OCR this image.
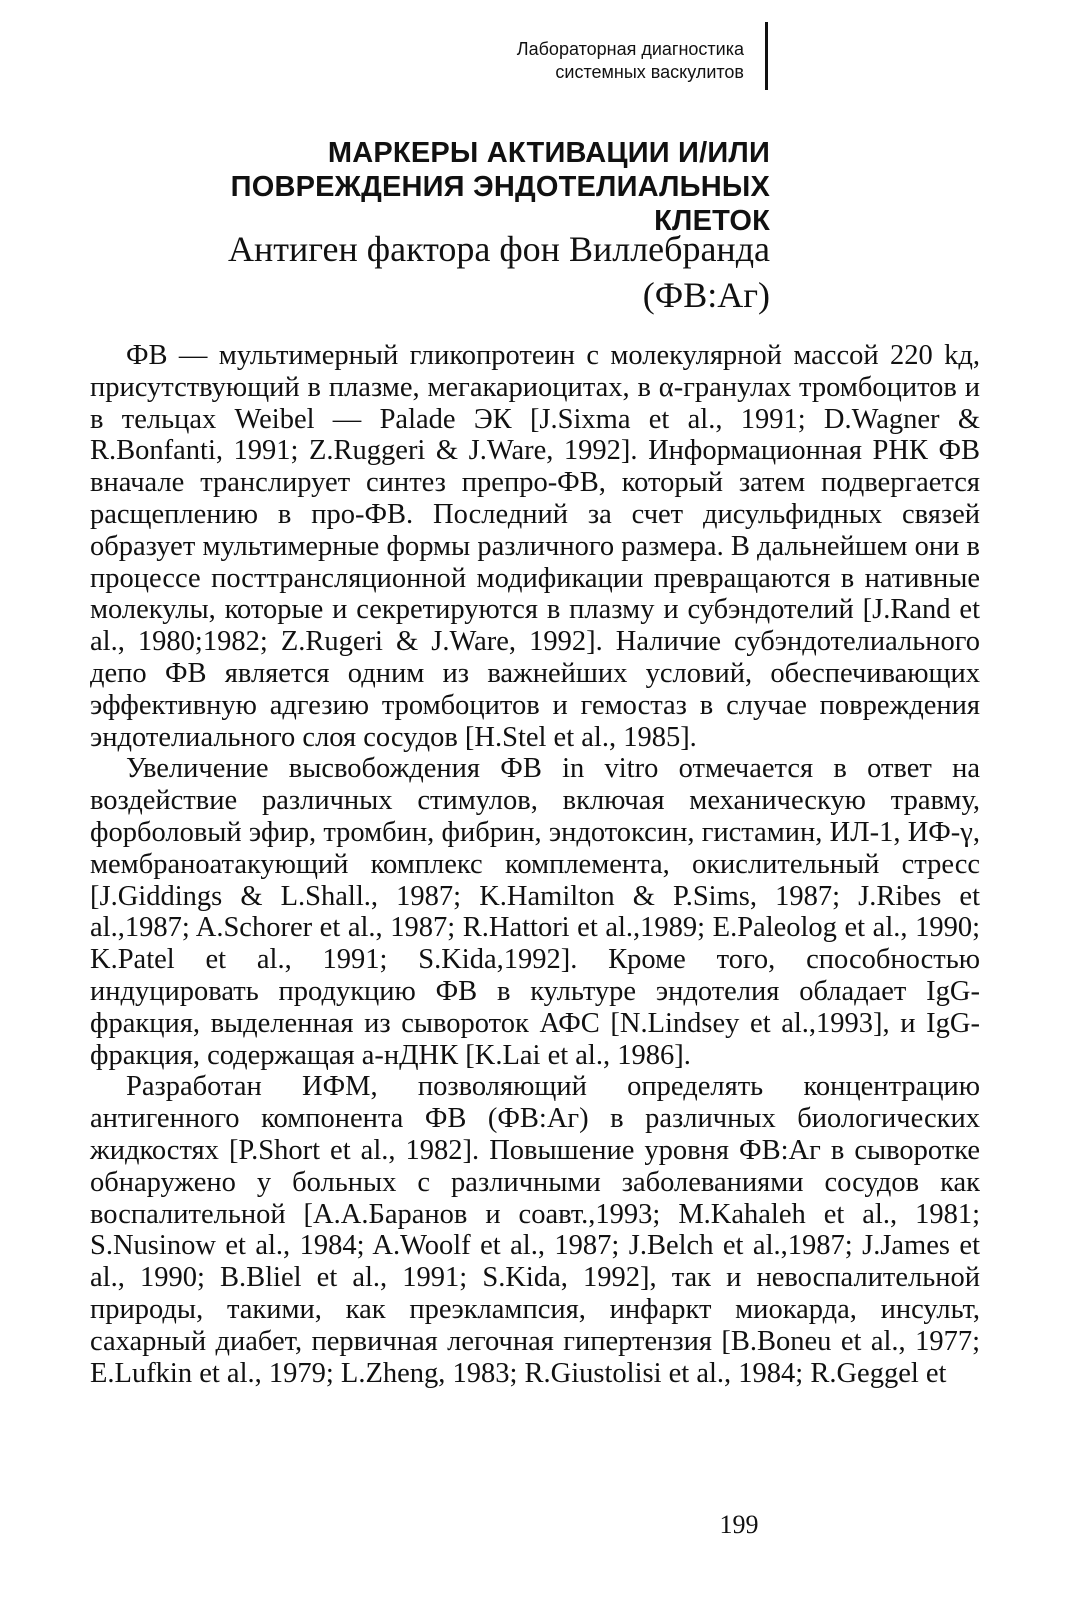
Лабораторная диагностика
системных васкулитов
МАРКЕРЫ АКТИВАЦИИ И/ИЛИ
ПОВРЕЖДЕНИЯ ЭНДОТЕЛИАЛЬНЫХ КЛЕТОК
Антиген фактора фон Виллебранда
(ФВ:Аг)

ФВ — мультимерный гликопротеин с молекулярной массой 220 kд, присутствующий в плазме, мегакариоцитах, в α-гранулах тромбоцитов и в тельцах Weibel — Palade ЭК [J.Sixma et al., 1991; D.Wagner & R.Bonfanti, 1991; Z.Ruggeri & J.Ware, 1992]. Информационная РНК ФВ вначале транслирует синтез препро-ФВ, который затем подвергается расщеплению в про-ФВ. Последний за счет дисульфидных связей образует мультимерные формы различного размера. В дальнейшем они в процессе посттрансляционной модификации превращаются в нативные молекулы, которые и секретируются в плазму и субэндотелий [J.Rand et al., 1980;1982; Z.Rugeri & J.Ware, 1992]. Наличие субэндотелиального депо ФВ является одним из важнейших условий, обеспечивающих эффективную адгезию тромбоцитов и гемостаз в случае повреждения эндотелиального слоя сосудов [H.Stel et al., 1985].

Увеличение высвобождения ФВ in vitro отмечается в ответ на воздействие различных стимулов, включая механическую травму, форболовый эфир, тромбин, фибрин, эндотоксин, гистамин, ИЛ-1, ИФ-γ, мембраноатакующий комплекс комплемента, окислительный стресс [J.Giddings & L.Shall., 1987; K.Hamilton & P.Sims, 1987; J.Ribes et al.,1987; A.Schorer et al., 1987; R.Hattori et al.,1989; E.Paleolog et al., 1990; K.Patel et al., 1991; S.Kida,1992]. Кроме того, способностью индуцировать продукцию ФВ в культуре эндотелия обладает IgG-фракция, выделенная из сывороток АФС [N.Lindsey et al.,1993], и IgG-фракция, содержащая а-нДНК [K.Lai et al., 1986].

Разработан ИФМ, позволяющий определять концентрацию антигенного компонента ФВ (ФВ:Аг) в различных биологических жидкостях [P.Short et al., 1982]. Повышение уровня ФВ:Аг в сыворотке обнаружено у больных с различными заболеваниями сосудов как воспалительной [А.А.Баранов и соавт.,1993; M.Kahaleh et al., 1981; S.Nusinow et al., 1984; A.Woolf et al., 1987; J.Belch et al.,1987; J.James et al., 1990; B.Bliel et al., 1991; S.Kida, 1992], так и невоспалительной природы, такими, как преэклампсия, инфаркт миокарда, инсульт, сахарный диабет, первичная легочная гипертензия [B.Boneu et al., 1977; E.Lufkin et al., 1979; L.Zheng, 1983; R.Giustolisi et al., 1984; R.Geggel et

199
